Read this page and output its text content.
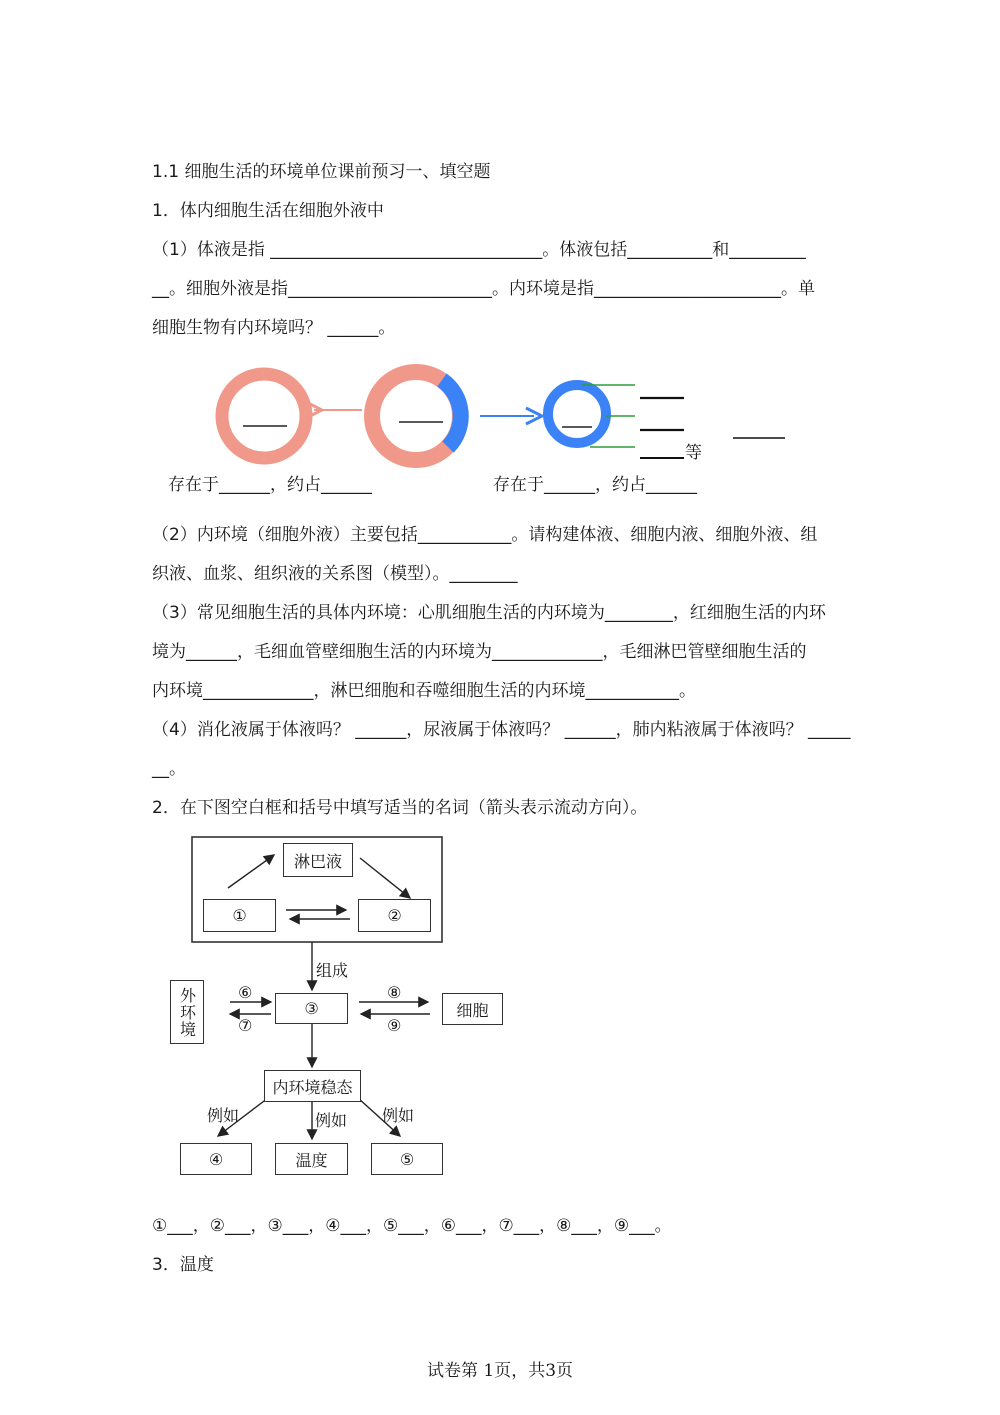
1.1 细胞生活的环境单位课前预习一、填空题
1．体内细胞生活在细胞外液中
（1）体液是指 ________________________________。体液包括__________和_________
__。细胞外液是指________________________。内环境是指______________________。单
细胞生物有内环境吗？ ______。
等
存在于______，约占______	存在于______，约占______
（2）内环境（细胞外液）主要包括___________。请构建体液、细胞内液、细胞外液、组
织液、血浆、组织液的关系图（模型）。________
（3）常见细胞生活的具体内环境：心肌细胞生活的内环境为________，红细胞生活的内环
境为______，毛细血管壁细胞生活的内环境为_____________，毛细淋巴管壁细胞生活的
内环境_____________，淋巴细胞和吞噬细胞生活的内环境___________。
（4）消化液属于体液吗？ ______，尿液属于体液吗？ ______，肺内粘液属于体液吗？ _____
__。
2．在下图空白框和括号中填写适当的名词（箭头表示流动方向）。
淋巴液
①	②
组成
外环境	⑥
⑦
③
⑧
⑨
细胞
内环境稳态
例如	例如 例如
④	温度	⑤
①___，②___，③___，④___，⑤___，⑥___，⑦___，⑧___，⑨___。
3．温度
试卷第 1页，共3页
